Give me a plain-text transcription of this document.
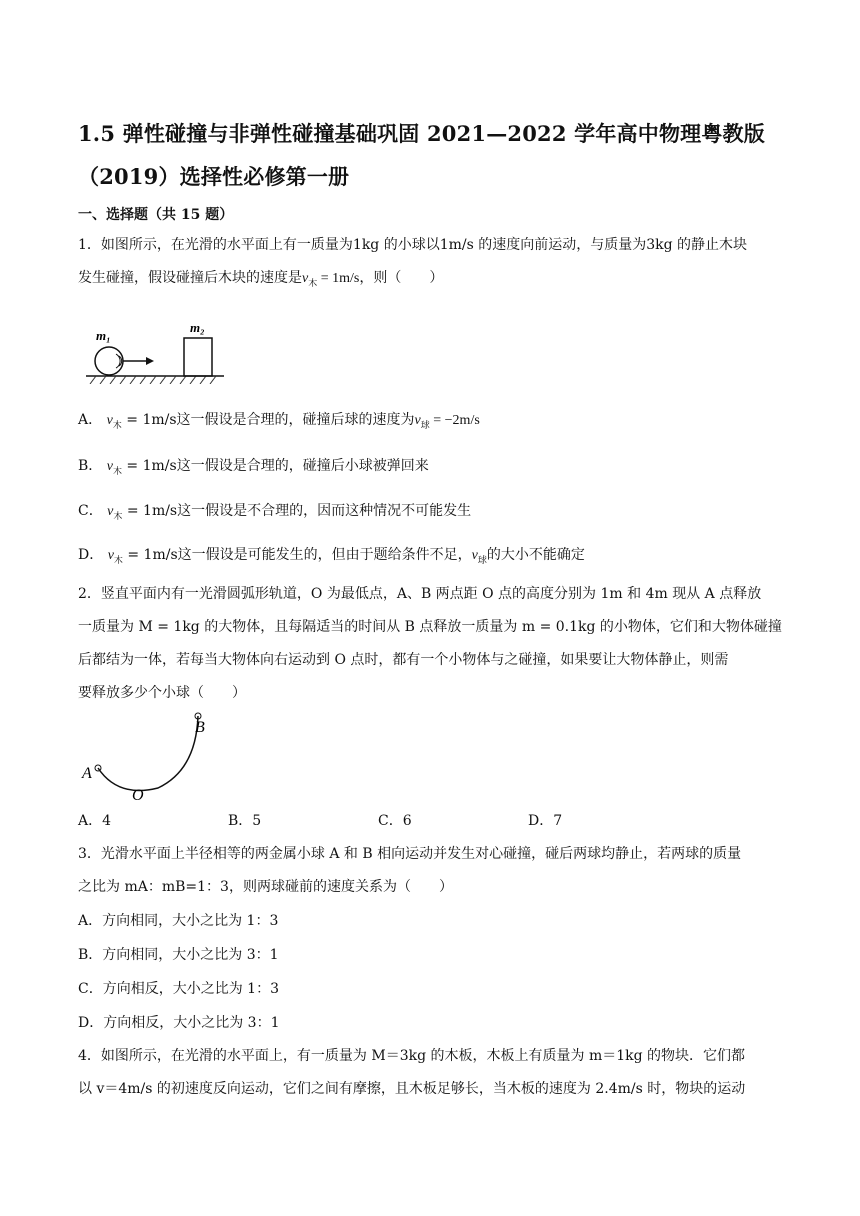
1.5 弹性碰撞与非弹性碰撞基础巩固 2021—2022 学年高中物理粤教版
（2019）选择性必修第一册
一、选择题（共 15 题）
1．如图所示，在光滑的水平面上有一质量为1kg 的小球以1m/s 的速度向前运动，与质量为3kg 的静止木块
发生碰撞，假设碰撞后木块的速度是$v_木 = 1m/s$，则（　　）
m₁
m₂
A． $v_木 = 1m/s$这一假设是合理的，碰撞后球的速度为$v_球 = -2m/s$
B． $v_木 = 1m/s$这一假设是合理的，碰撞后小球被弹回来
C． $v_木 = 1m/s$这一假设是不合理的，因而这种情况不可能发生
D． $v_木 = 1m/s$这一假设是可能发生的，但由于题给条件不足，$v_球$的大小不能确定
2．竖直平面内有一光滑圆弧形轨道，O 为最低点，A、B 两点距 O 点的高度分别为 1m 和 4m 现从 A 点释放
一质量为 M = 1kg 的大物体，且每隔适当的时间从 B 点释放一质量为 m = 0.1kg 的小物体，它们和大物体碰撞
后都结为一体，若每当大物体向右运动到 O 点时，都有一个小物体与之碰撞，如果要让大物体静止，则需
要释放多少个小球（　　）
A
B
O
A．4	B．5	C．6	D．7
3．光滑水平面上半径相等的两金属小球 A 和 B 相向运动并发生对心碰撞，碰后两球均静止，若两球的质量
之比为 mA：mB=1：3，则两球碰前的速度关系为（　　）
A．方向相同，大小之比为 1：3
B．方向相同，大小之比为 3：1
C．方向相反，大小之比为 1：3
D．方向相反，大小之比为 3：1
4．如图所示，在光滑的水平面上，有一质量为 M＝3kg 的木板，木板上有质量为 m＝1kg 的物块．它们都
以 v＝4m/s 的初速度反向运动，它们之间有摩擦，且木板足够长，当木板的速度为 2.4m/s 时，物块的运动
